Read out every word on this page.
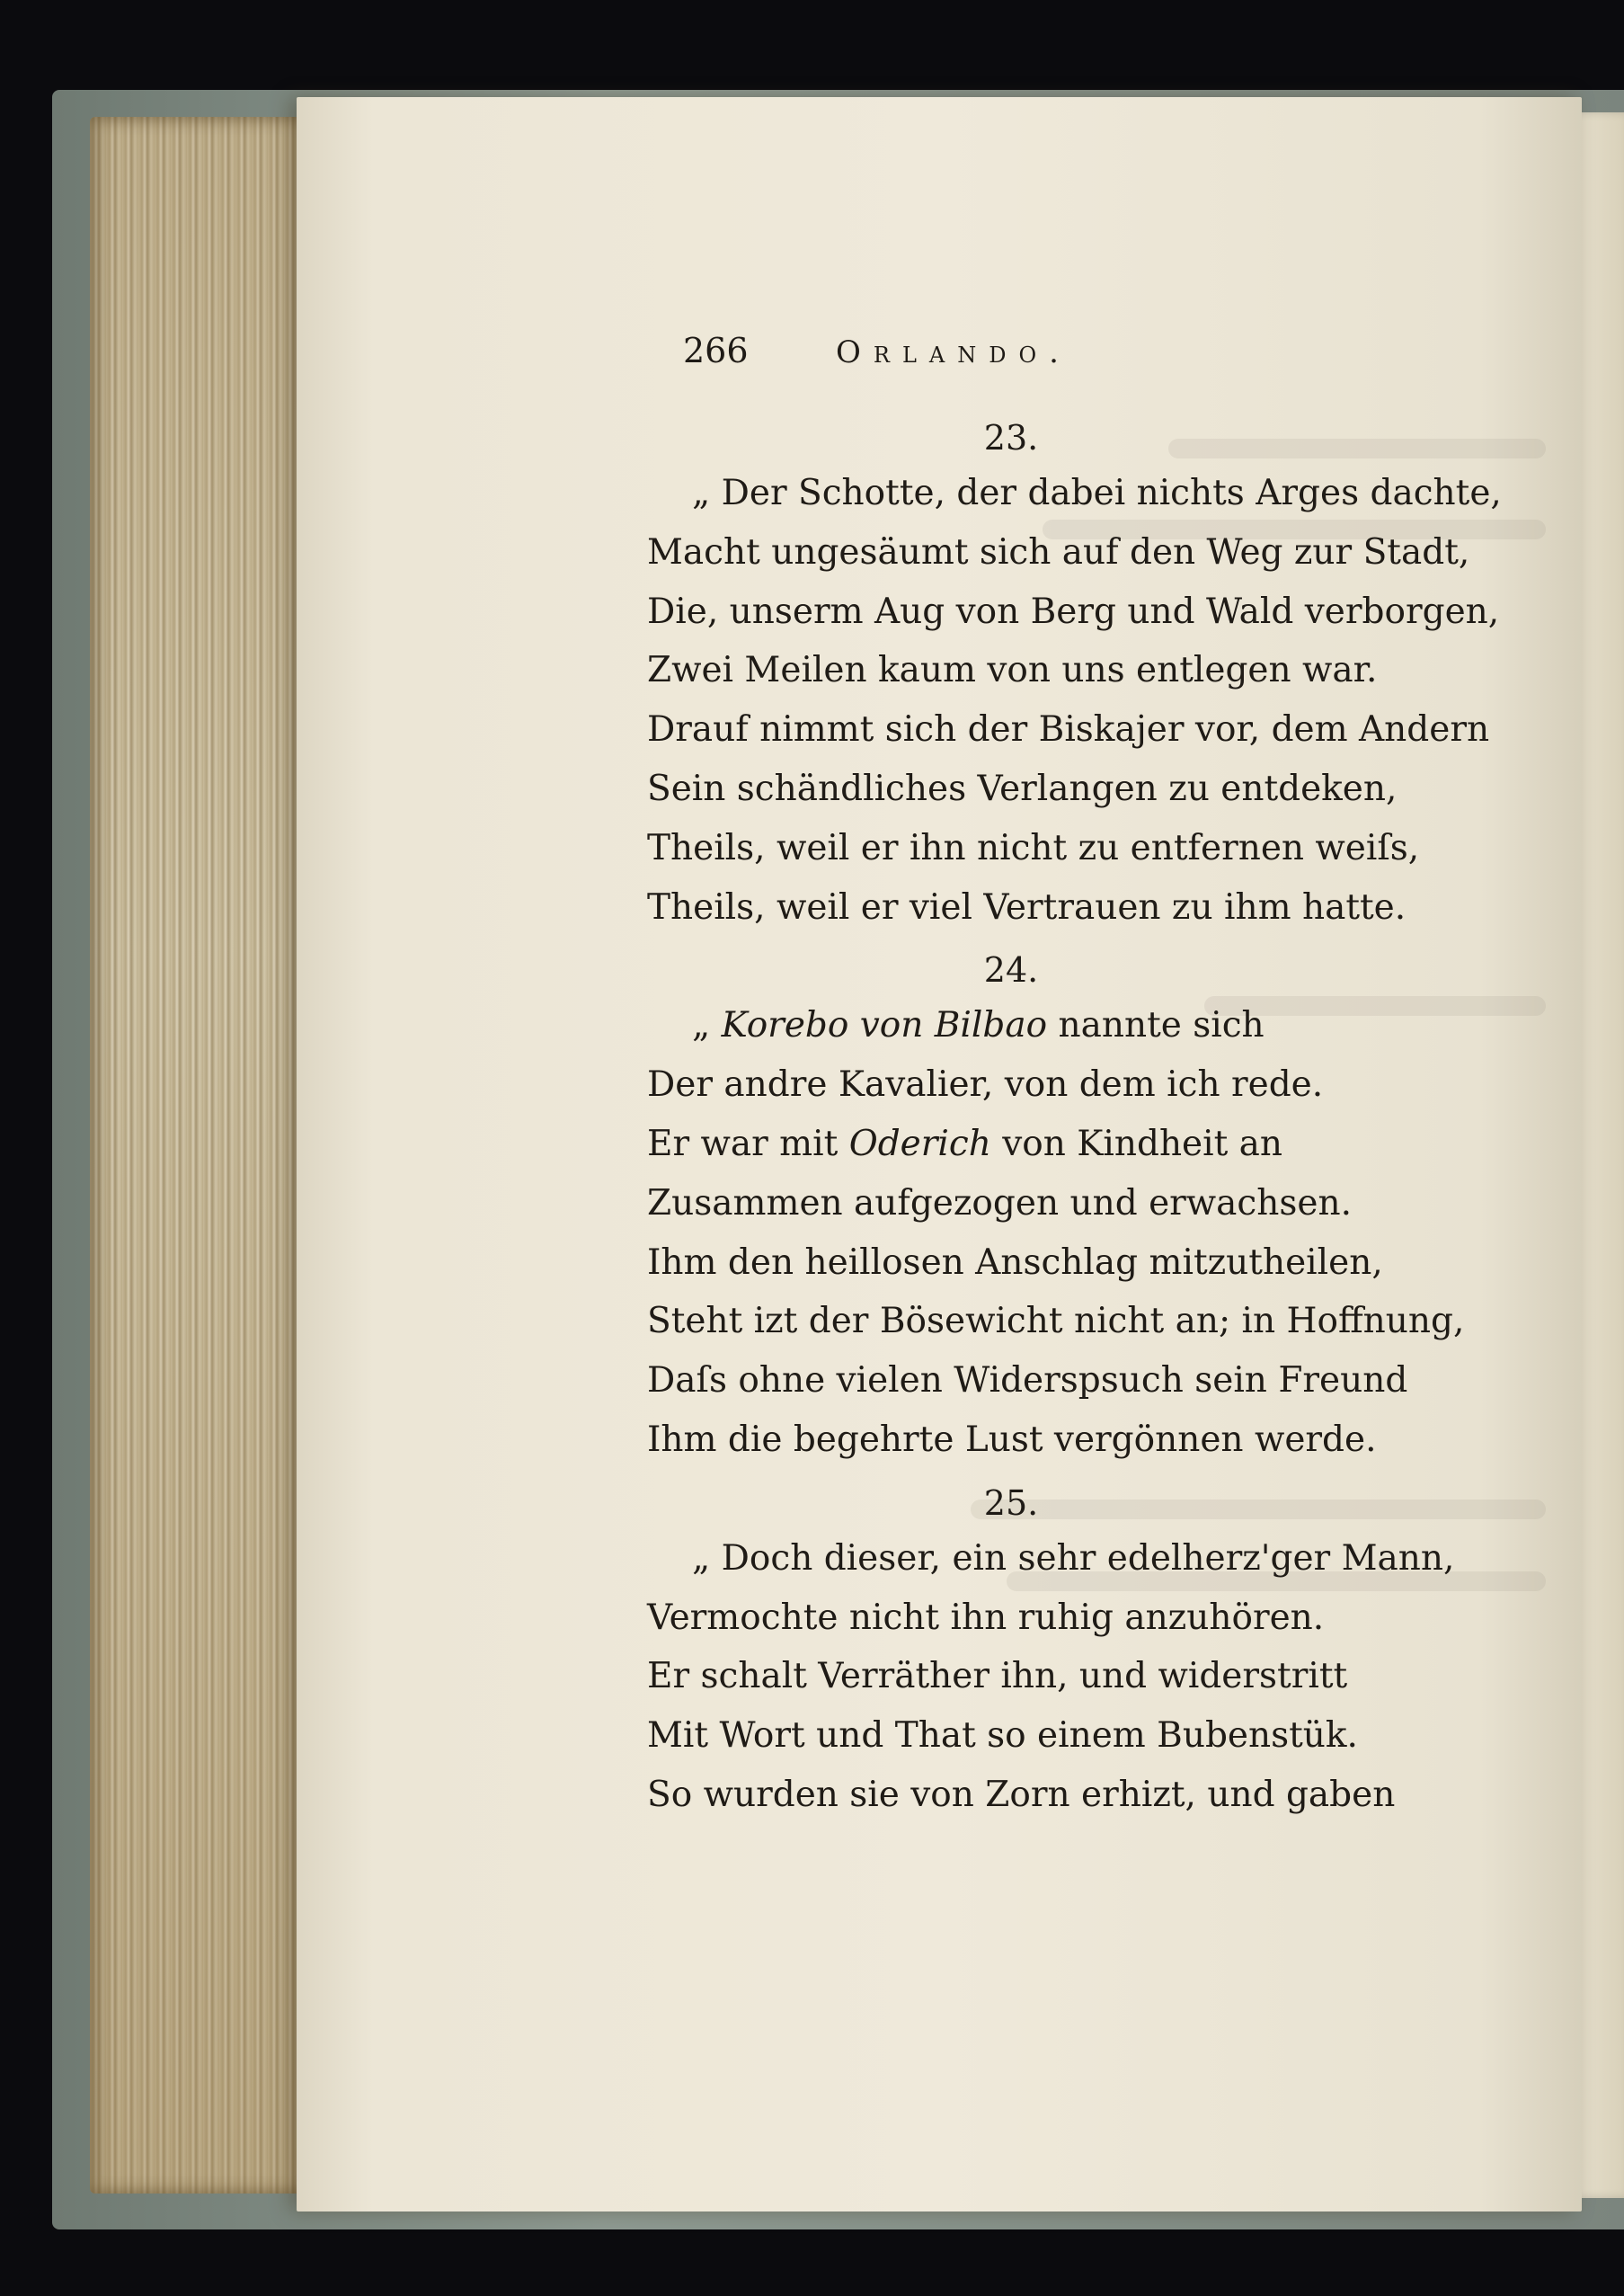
266	Orlando.
23.
„ Der Schotte, der dabei nichts Arges dachte,
Macht ungesäumt sich auf den Weg zur Stadt,
Die, unserm Aug von Berg und Wald verborgen,
Zwei Meilen kaum von uns entlegen war.
Drauf nimmt sich der Biskajer vor, dem Andern
Sein schändliches Verlangen zu entdeken,
Theils, weil er ihn nicht zu entfernen weiſs,
Theils, weil er viel Vertrauen zu ihm hatte.
24.
„ Korebo von Bilbao nannte sich
Der andre Kavalier, von dem ich rede.
Er war mit Oderich von Kindheit an
Zusammen aufgezogen und erwachsen.
Ihm den heillosen Anschlag mitzutheilen,
Steht izt der Bösewicht nicht an; in Hoffnung,
Daſs ohne vielen Widerspsuch sein Freund
Ihm die begehrte Lust vergönnen werde.
25.
„ Doch dieser, ein sehr edelherz'ger Mann,
Vermochte nicht ihn ruhig anzuhören.
Er schalt Verräther ihn, und widerstritt
Mit Wort und That so einem Bubenstük.
So wurden sie von Zorn erhizt, und gaben
